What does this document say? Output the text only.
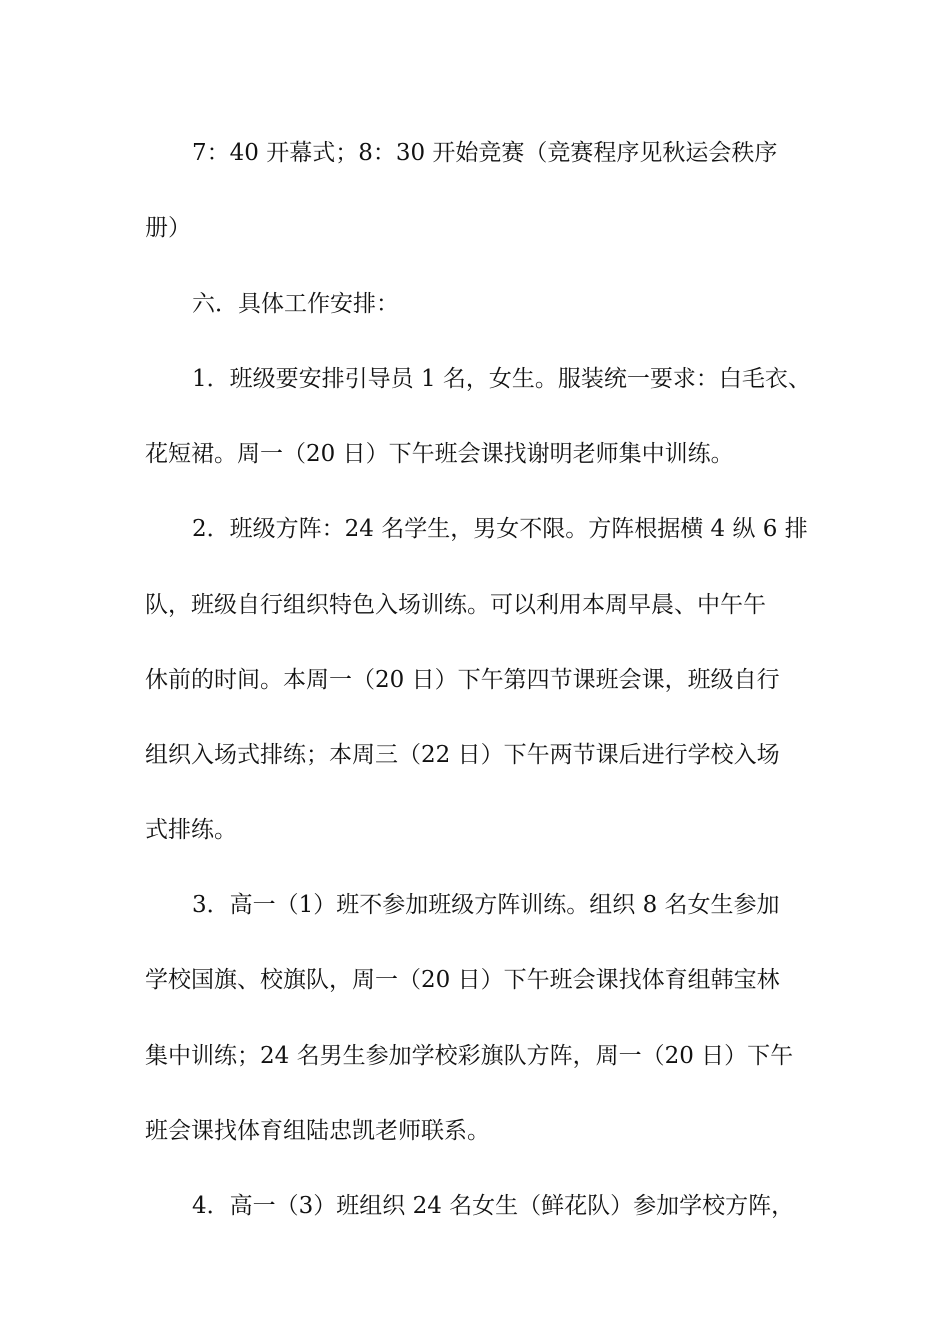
7：40 开幕式；8：30 开始竞赛（竞赛程序见秋运会秩序
册）
六．具体工作安排：
1．班级要安排引导员 1 名，女生。服装统一要求：白毛衣、
花短裙。周一（20 日）下午班会课找谢明老师集中训练。
2．班级方阵：24 名学生，男女不限。方阵根据横 4 纵 6 排
队，班级自行组织特色入场训练。可以利用本周早晨、中午午
休前的时间。本周一（20 日）下午第四节课班会课，班级自行
组织入场式排练；本周三（22 日）下午两节课后进行学校入场
式排练。
3．高一（1）班不参加班级方阵训练。组织 8 名女生参加
学校国旗、校旗队，周一（20 日）下午班会课找体育组韩宝林
集中训练；24 名男生参加学校彩旗队方阵，周一（20 日）下午
班会课找体育组陆忠凯老师联系。
4．高一（3）班组织 24 名女生（鲜花队）参加学校方阵，
